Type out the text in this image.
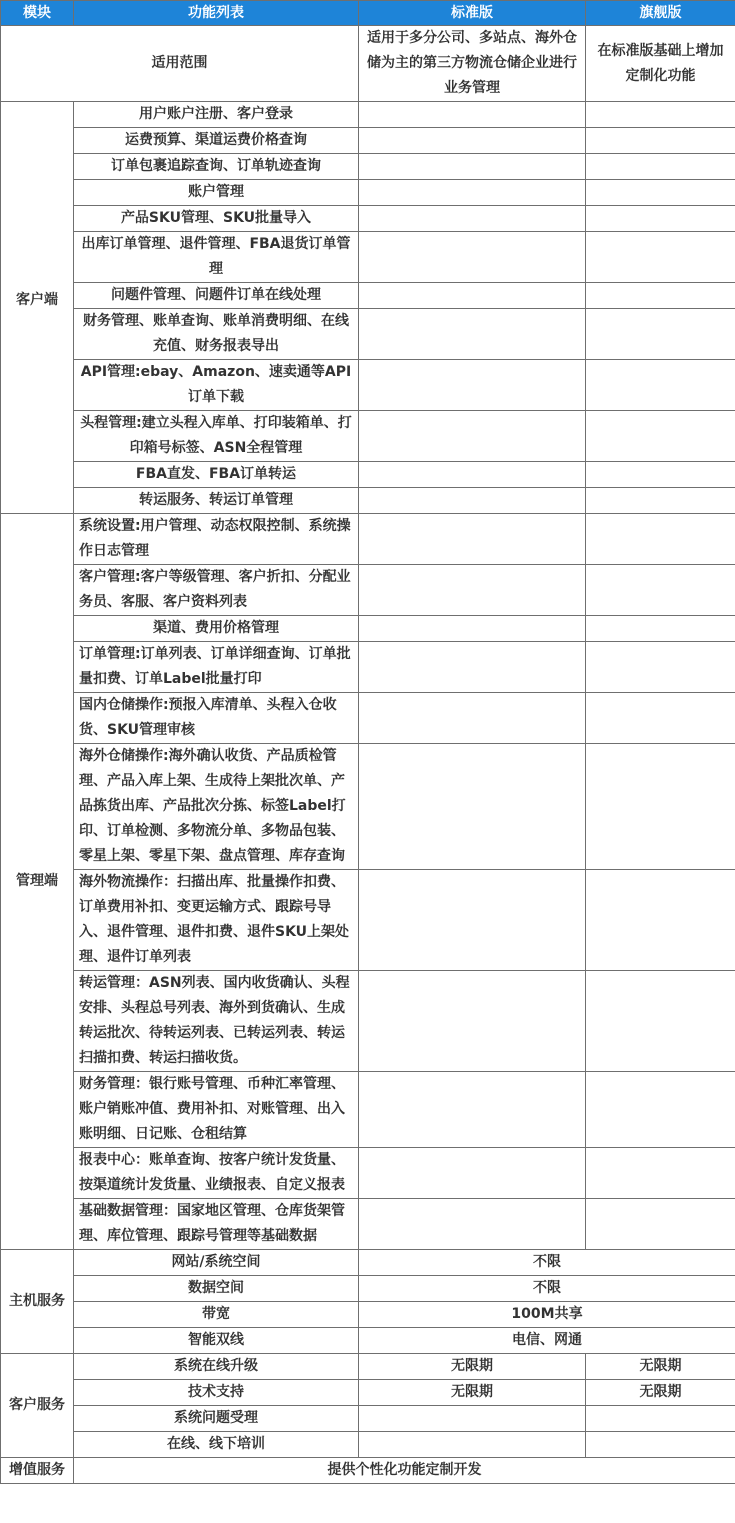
模块	功能列表	标准版	旗舰版
适用范围		适用于多分公司、多站点、海外仓储为主的第三方物流仓储企业进行业务管理	在标准版基础上增加定制化功能
客户端	用户账户注册、客户登录		
	运费预算、渠道运费价格查询		
	订单包裹追踪查询、订单轨迹查询		
	账户管理		
	产品SKU管理、SKU批量导入		
	出库订单管理、退件管理、FBA退货订单管理		
	问题件管理、问题件订单在线处理		
	财务管理、账单查询、账单消费明细、在线充值、财务报表导出		
	API管理:ebay、Amazon、速卖通等API订单下载		
	头程管理:建立头程入库单、打印装箱单、打印箱号标签、ASN全程管理		
	FBA直发、FBA订单转运		
	转运服务、转运订单管理		
管理端	系统设置:用户管理、动态权限控制、系统操作日志管理		
	客户管理:客户等级管理、客户折扣、分配业务员、客服、客户资料列表		
	渠道、费用价格管理		
	订单管理:订单列表、订单详细查询、订单批量扣费、订单Label批量打印		
	国内仓储操作:预报入库清单、头程入仓收货、SKU管理审核		
	海外仓储操作:海外确认收货、产品质检管理、产品入库上架、生成待上架批次单、产品拣货出库、产品批次分拣、标签Label打印、订单检测、多物流分单、多物品包装、零星上架、零星下架、盘点管理、库存查询		
	海外物流操作：扫描出库、批量操作扣费、订单费用补扣、变更运输方式、跟踪号导入、退件管理、退件扣费、退件SKU上架处理、退件订单列表		
	转运管理：ASN列表、国内收货确认、头程安排、头程总号列表、海外到货确认、生成转运批次、待转运列表、已转运列表、转运扫描扣费、转运扫描收货。		
	财务管理：银行账号管理、币种汇率管理、账户销账冲值、费用补扣、对账管理、出入账明细、日记账、仓租结算		
	报表中心：账单查询、按客户统计发货量、按渠道统计发货量、业绩报表、自定义报表		
	基础数据管理：国家地区管理、仓库货架管理、库位管理、跟踪号管理等基础数据		
主机服务	网站/系统空间	不限	
	数据空间	不限	
	带宽	100M共享	
	智能双线	电信、网通	
客户服务	系统在线升级	无限期	无限期
	技术支持	无限期	无限期
	系统问题受理		
	在线、线下培训		
增值服务	提供个性化功能定制开发		
